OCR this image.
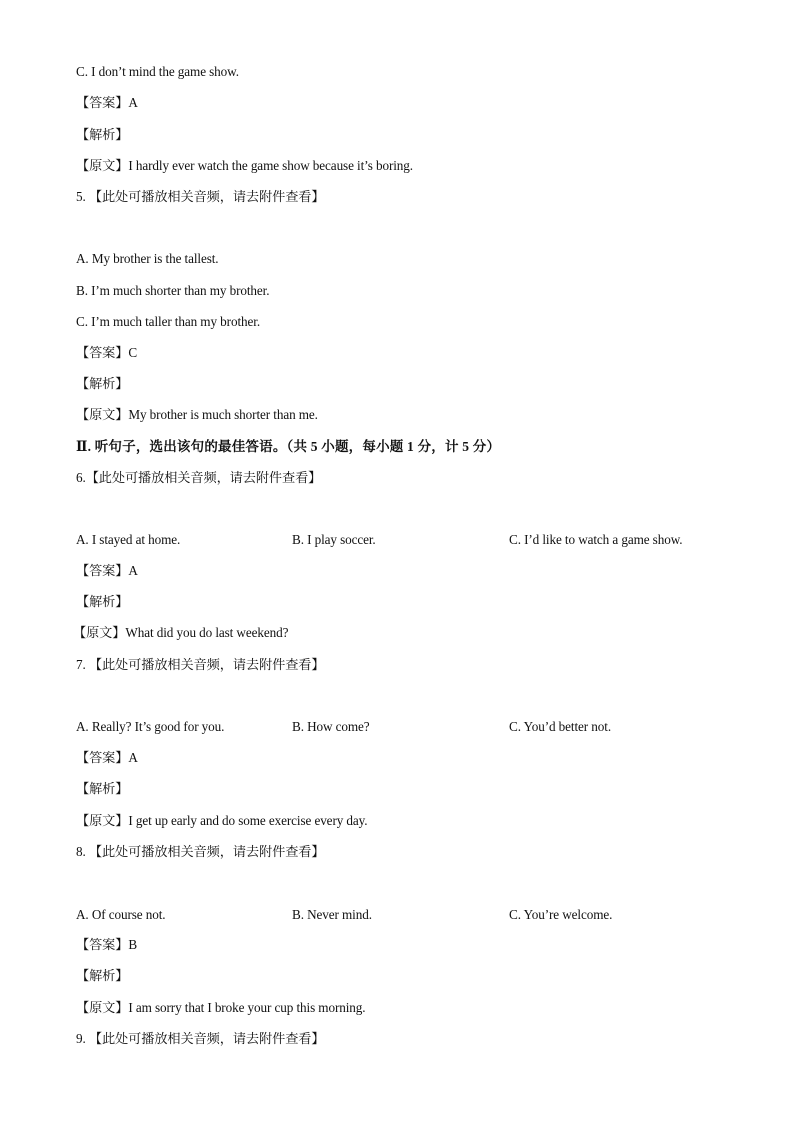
C. I don’t mind the game show.
【答案】A
【解析】
【原文】I hardly ever watch the game show because it’s boring.
5. 【此处可播放相关音频，请去附件查看】
A. My brother is the tallest.
B. I’m much shorter than my brother.
C. I’m much taller than my brother.
【答案】C
【解析】
【原文】My brother is much shorter than me.
Ⅱ. 听句子，选出该句的最佳答语。（共 5 小题，每小题 1 分，计 5 分）
6.【此处可播放相关音频，请去附件查看】
A. I stayed at home.	B. I play soccer.	C. I’d like to watch a game show.
【答案】A
【解析】
【原文】What did you do last weekend?
7. 【此处可播放相关音频，请去附件查看】
A. Really? It’s good for you.	B. How come?	C. You’d better not.
【答案】A
【解析】
【原文】I get up early and do some exercise every day.
8. 【此处可播放相关音频，请去附件查看】
A. Of course not.	B. Never mind.	C. You’re welcome.
【答案】B
【解析】
【原文】I am sorry that I broke your cup this morning.
9. 【此处可播放相关音频，请去附件查看】
